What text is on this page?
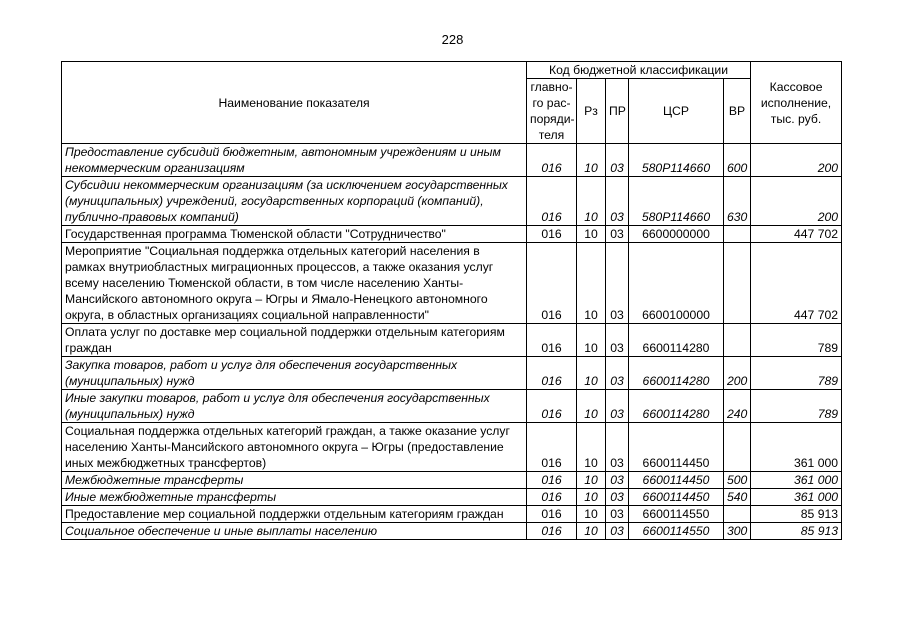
228
Наименование показателя	Код бюджетной классификации					Кассовое исполнение, тыс. руб.
	главно-го рас-поряди-теля	Рз	ПР	ЦСР	ВР	
Предоставление субсидий бюджетным, автономным учреждениям и иным некоммерческим организациям	016	10	03	580Р114660	600	200
Субсидии некоммерческим организациям (за исключением государственных (муниципальных) учреждений, государственных корпораций (компаний), публично-правовых компаний)	016	10	03	580Р114660	630	200
Государственная программа Тюменской области "Сотрудничество"	016	10	03	6600000000		447 702
Мероприятие "Социальная поддержка отдельных категорий населения в рамках внутриобластных миграционных процессов, а также оказания услуг всему населению Тюменской области, в том числе населению Ханты-Мансийского автономного округа – Югры и Ямало-Ненецкого автономного округа, в областных организациях социальной направленности"	016	10	03	6600100000		447 702
Оплата услуг по доставке мер социальной поддержки отдельным категориям граждан	016	10	03	6600114280		789
Закупка товаров, работ и услуг для обеспечения государственных (муниципальных) нужд	016	10	03	6600114280	200	789
Иные закупки товаров, работ и услуг для обеспечения государственных (муниципальных) нужд	016	10	03	6600114280	240	789
Социальная поддержка отдельных категорий граждан, а также оказание услуг населению Ханты-Мансийского автономного округа – Югры (предоставление иных межбюджетных трансфертов)	016	10	03	6600114450		361 000
Межбюджетные трансферты	016	10	03	6600114450	500	361 000
Иные межбюджетные трансферты	016	10	03	6600114450	540	361 000
Предоставление мер социальной поддержки отдельным категориям граждан	016	10	03	6600114550		85 913
Социальное обеспечение и иные выплаты населению	016	10	03	6600114550	300	85 913
